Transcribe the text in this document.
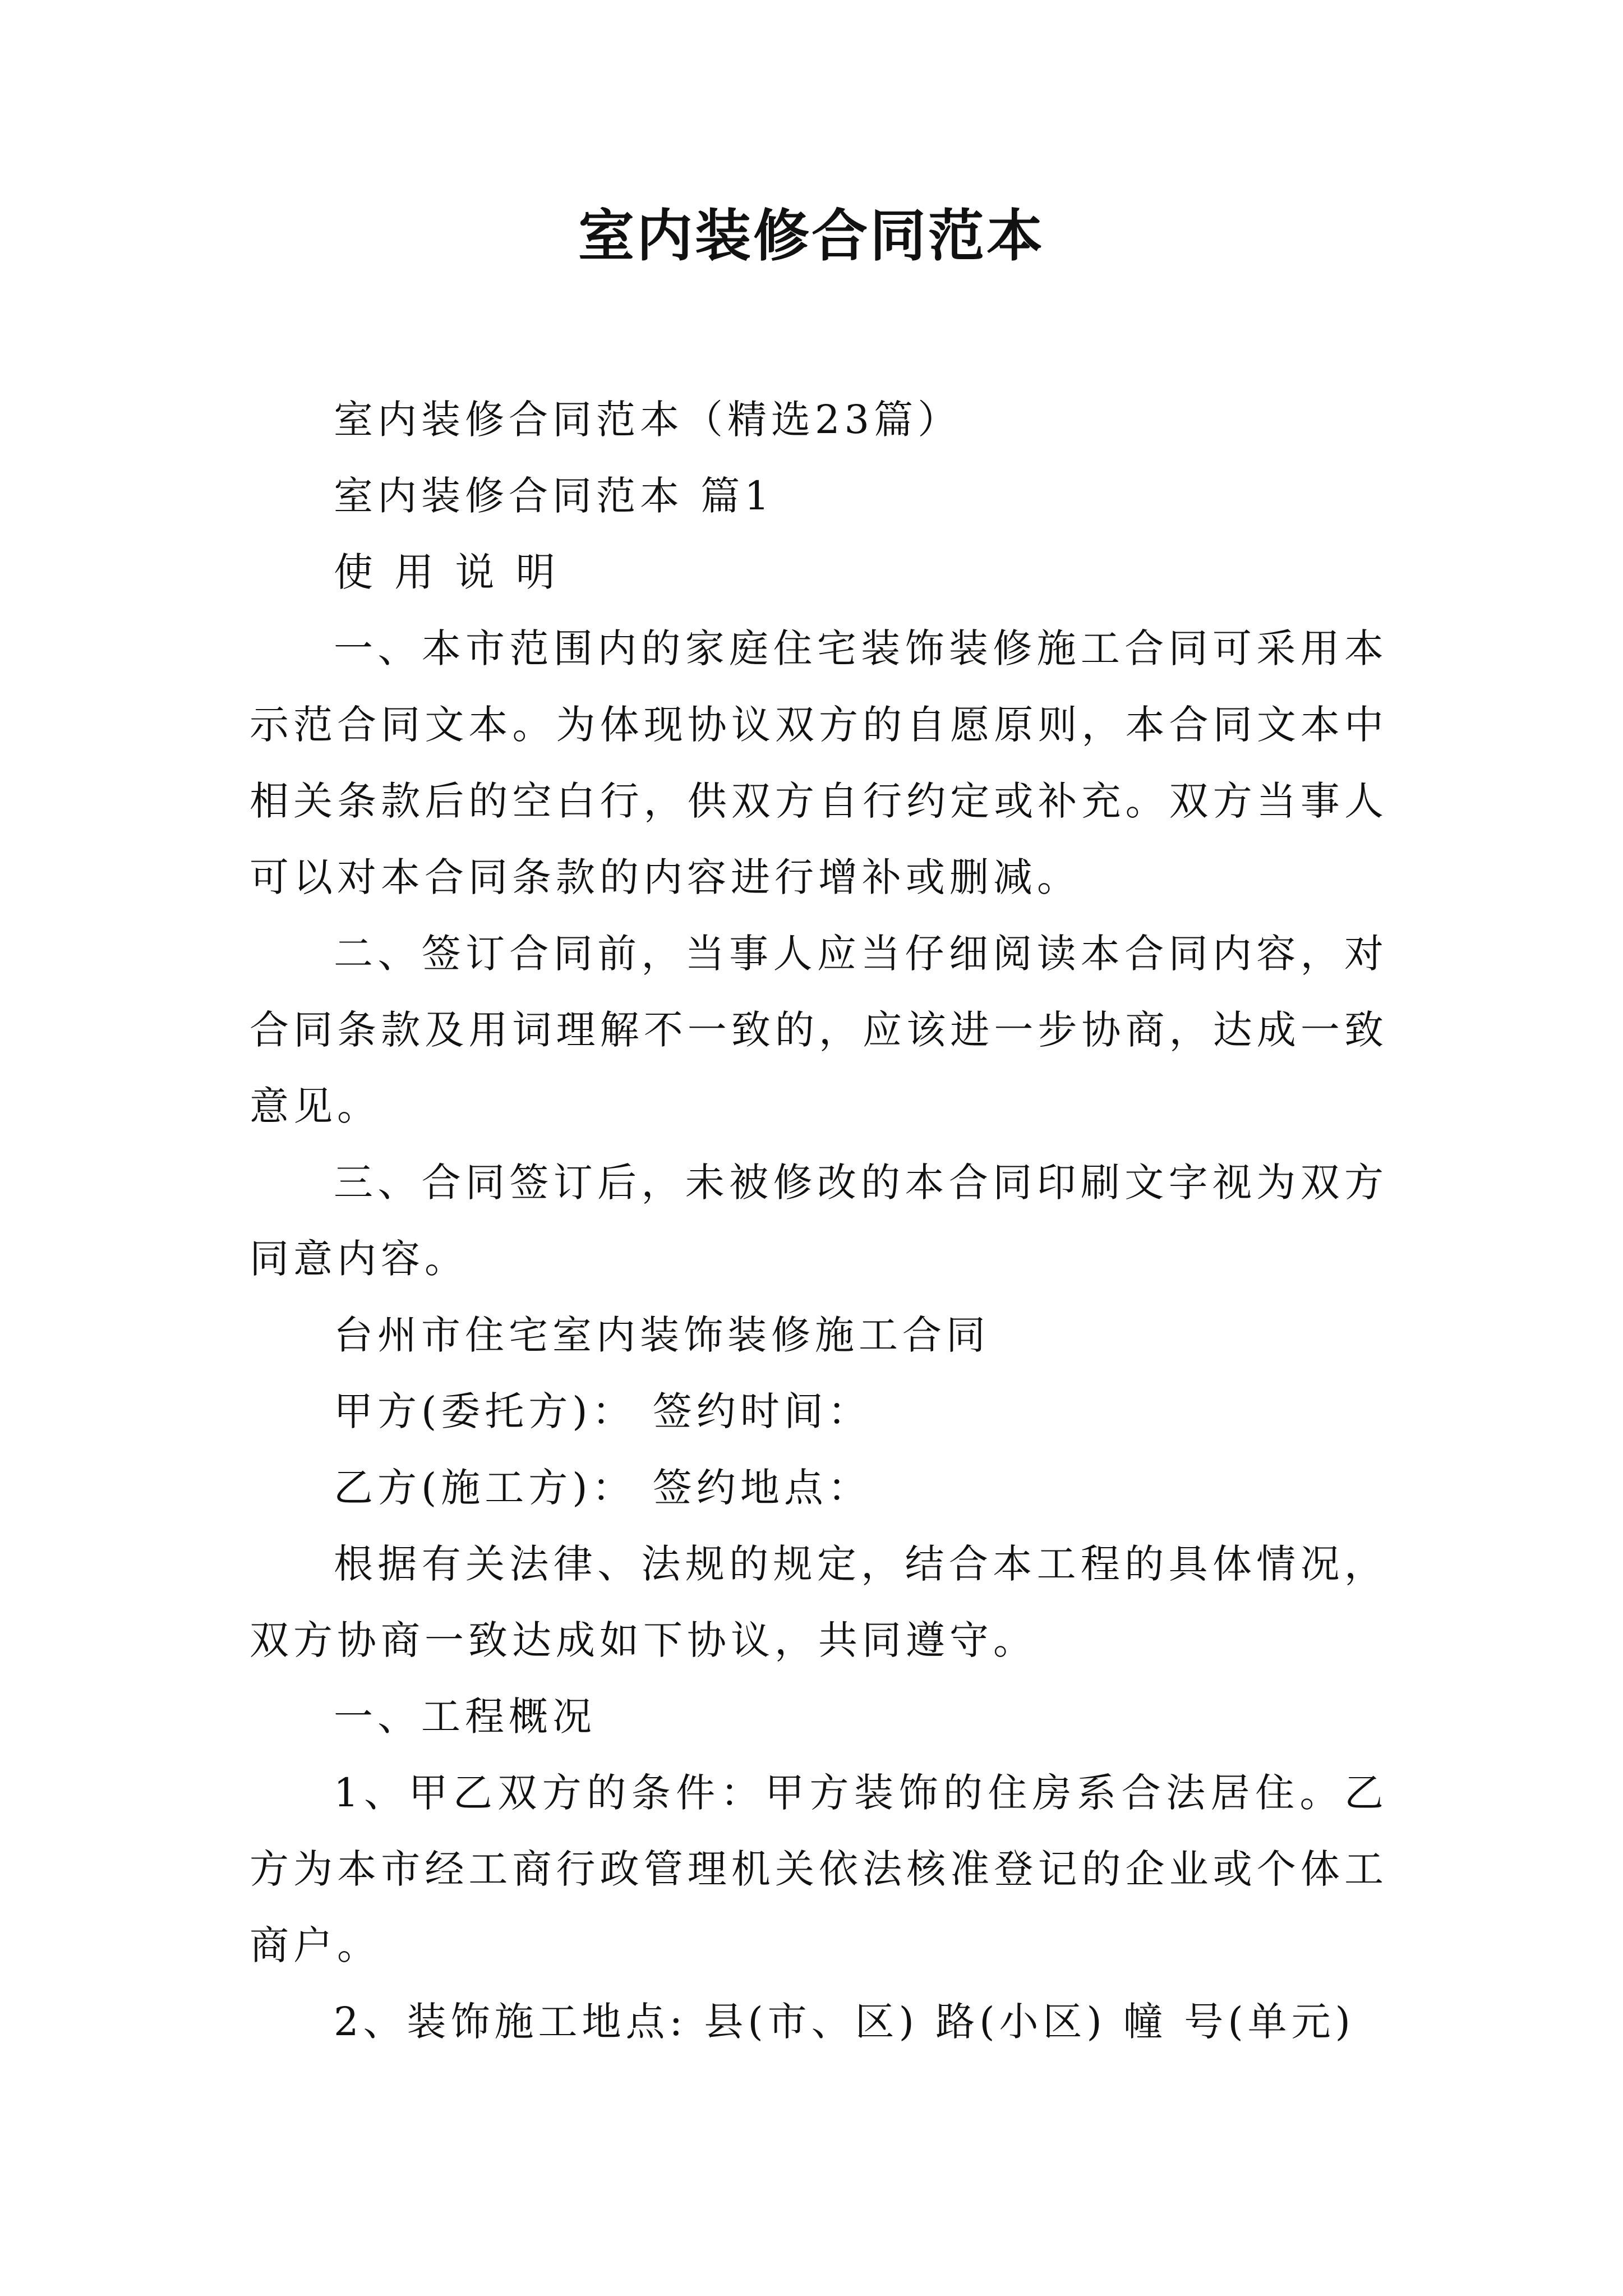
室内装修合同范本

室内装修合同范本（精选23篇）

室内装修合同范本 篇1

使 用 说 明

一、本市范围内的家庭住宅装饰装修施工合同可采用本示范合同文本。为体现协议双方的自愿原则，本合同文本中相关条款后的空白行，供双方自行约定或补充。双方当事人可以对本合同条款的内容进行增补或删减。

二、签订合同前，当事人应当仔细阅读本合同内容，对合同条款及用词理解不一致的，应该进一步协商，达成一致意见。

三、合同签订后，未被修改的本合同印刷文字视为双方同意内容。

台州市住宅室内装饰装修施工合同

甲方(委托方)： 签约时间：

乙方(施工方)： 签约地点：

根据有关法律、法规的规定，结合本工程的具体情况，双方协商一致达成如下协议，共同遵守。

一、工程概况

1、甲乙双方的条件：甲方装饰的住房系合法居住。乙方为本市经工商行政管理机关依法核准登记的企业或个体工商户。

2、装饰施工地点: 县(市、区) 路(小区) 幢 号(单元)
